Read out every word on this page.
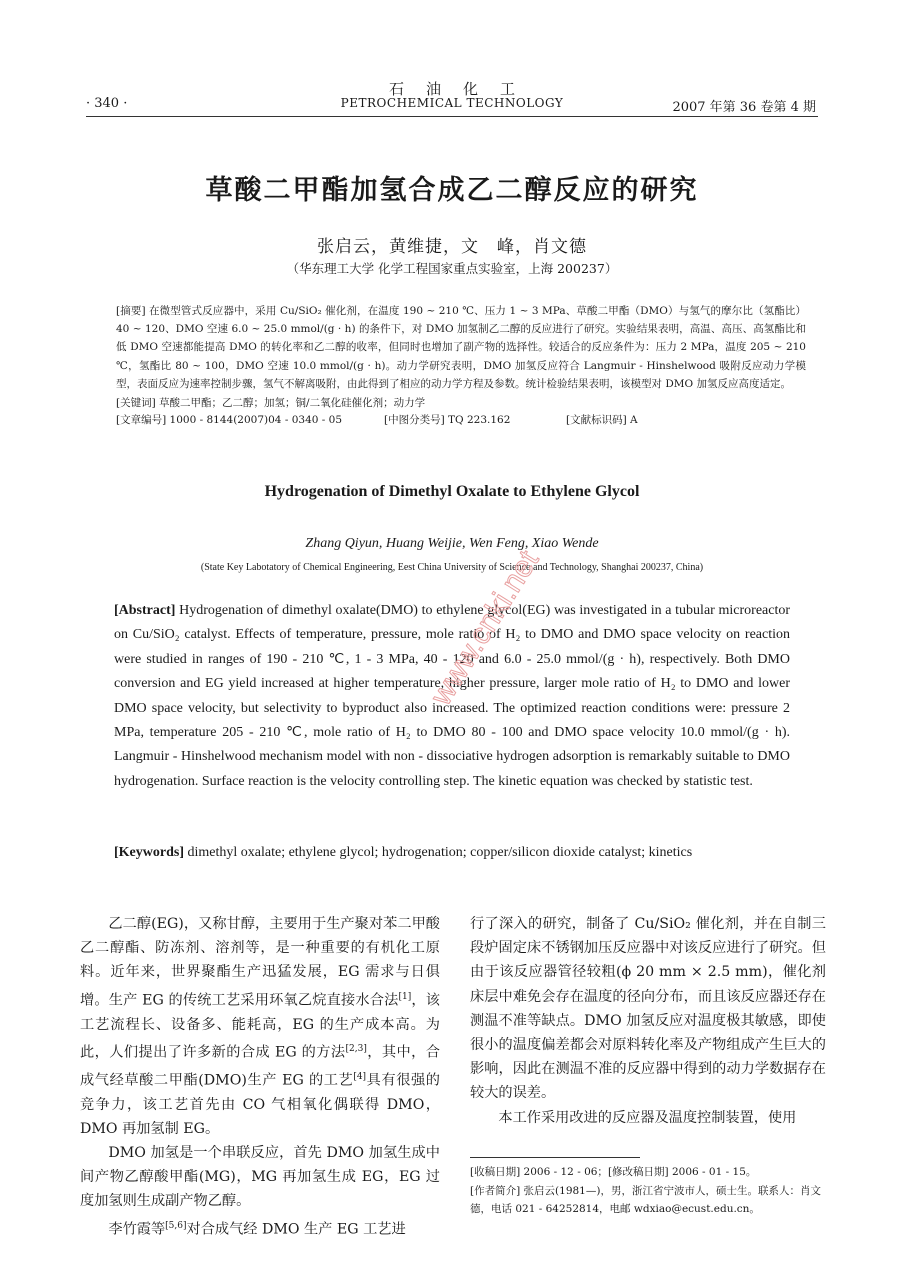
石油化工
· 340 ·	PETROCHEMICAL TECHNOLOGY	2007 年第 36 卷第 4 期
草酸二甲酯加氢合成乙二醇反应的研究
张启云，黄维捷，文　峰，肖文德
（华东理工大学 化学工程国家重点实验室，上海 200237）
[摘要] 在微型管式反应器中，采用 Cu/SiO₂ 催化剂，在温度 190 ~ 210 ℃、压力 1 ~ 3 MPa、草酸二甲酯（DMO）与氢气的摩尔比（氢酯比）40 ~ 120、DMO 空速 6.0 ~ 25.0 mmol/(g · h) 的条件下，对 DMO 加氢制乙二醇的反应进行了研究。实验结果表明，高温、高压、高氢酯比和低 DMO 空速都能提高 DMO 的转化率和乙二醇的收率，但同时也增加了副产物的选择性。较适合的反应条件为：压力 2 MPa，温度 205 ~ 210 ℃，氢酯比 80 ~ 100，DMO 空速 10.0 mmol/(g · h)。动力学研究表明，DMO 加氢反应符合 Langmuir - Hinshelwood 吸附反应动力学模型，表面反应为速率控制步骤，氢气不解离吸附，由此得到了相应的动力学方程及参数。统计检验结果表明，该模型对 DMO 加氢反应高度适定。
[关键词] 草酸二甲酯；乙二醇；加氢；铜/二氧化硅催化剂；动力学
[文章编号] 1000 - 8144(2007)04 - 0340 - 05	[中图分类号] TQ 223.162	[文献标识码] A
Hydrogenation of Dimethyl Oxalate to Ethylene Glycol
Zhang Qiyun, Huang Weijie, Wen Feng, Xiao Wende
(State Key Labotatory of Chemical Engineering, Eest China University of Science and Technology, Shanghai 200237, China)
[Abstract] Hydrogenation of dimethyl oxalate(DMO) to ethylene glycol(EG) was investigated in a tubular microreactor on Cu/SiO₂ catalyst. Effects of temperature, pressure, mole ratio of H₂ to DMO and DMO space velocity on reaction were studied in ranges of 190 - 210 ℃, 1 - 3 MPa, 40 - 120 and 6.0 - 25.0 mmol/(g · h), respectively. Both DMO conversion and EG yield increased at higher temperature, higher pressure, larger mole ratio of H₂ to DMO and lower DMO space velocity, but selectivity to byproduct also increased. The optimized reaction conditions were: pressure 2 MPa, temperature 205 - 210 ℃, mole ratio of H₂ to DMO 80 - 100 and DMO space velocity 10.0 mmol/(g · h). Langmuir - Hinshelwood mechanism model with non - dissociative hydrogen adsorption is remarkably suitable to DMO hydrogenation. Surface reaction is the velocity controlling step. The kinetic equation was checked by statistic test.
[Keywords] dimethyl oxalate; ethylene glycol; hydrogenation; copper/silicon dioxide catalyst; kinetics

乙二醇(EG)，又称甘醇，主要用于生产聚对苯二甲酸乙二醇酯、防冻剂、溶剂等，是一种重要的有机化工原料。近年来，世界聚酯生产迅猛发展，EG 需求与日俱增。生产 EG 的传统工艺采用环氧乙烷直接水合法[1]，该工艺流程长、设备多、能耗高，EG 的生产成本高。为此，人们提出了许多新的合成 EG 的方法[2,3]，其中，合成气经草酸二甲酯(DMO)生产 EG 的工艺[4]具有很强的竞争力，该工艺首先由 CO 气相氧化偶联得 DMO，DMO 再加氢制 EG。

DMO 加氢是一个串联反应，首先 DMO 加氢生成中间产物乙醇酸甲酯(MG)，MG 再加氢生成 EG，EG 过度加氢则生成副产物乙醇。

李竹霞等[5,6]对合成气经 DMO 生产 EG 工艺进

行了深入的研究，制备了 Cu/SiO₂ 催化剂，并在自制三段炉固定床不锈钢加压反应器中对该反应进行了研究。但由于该反应器管径较粗(ϕ 20 mm × 2.5 mm)，催化剂床层中难免会存在温度的径向分布，而且该反应器还存在测温不准等缺点。DMO 加氢反应对温度极其敏感，即使很小的温度偏差都会对原料转化率及产物组成产生巨大的影响，因此在测温不准的反应器中得到的动力学数据存在较大的误差。

本工作采用改进的反应器及温度控制装置，使用

[收稿日期] 2006 - 12 - 06；[修改稿日期] 2006 - 01 - 15。
[作者简介] 张启云(1981—)，男，浙江省宁波市人，硕士生。联系人：肖文德，电话 021 - 64252814，电邮 wdxiao@ecust.edu.cn。
www.cnki.net
